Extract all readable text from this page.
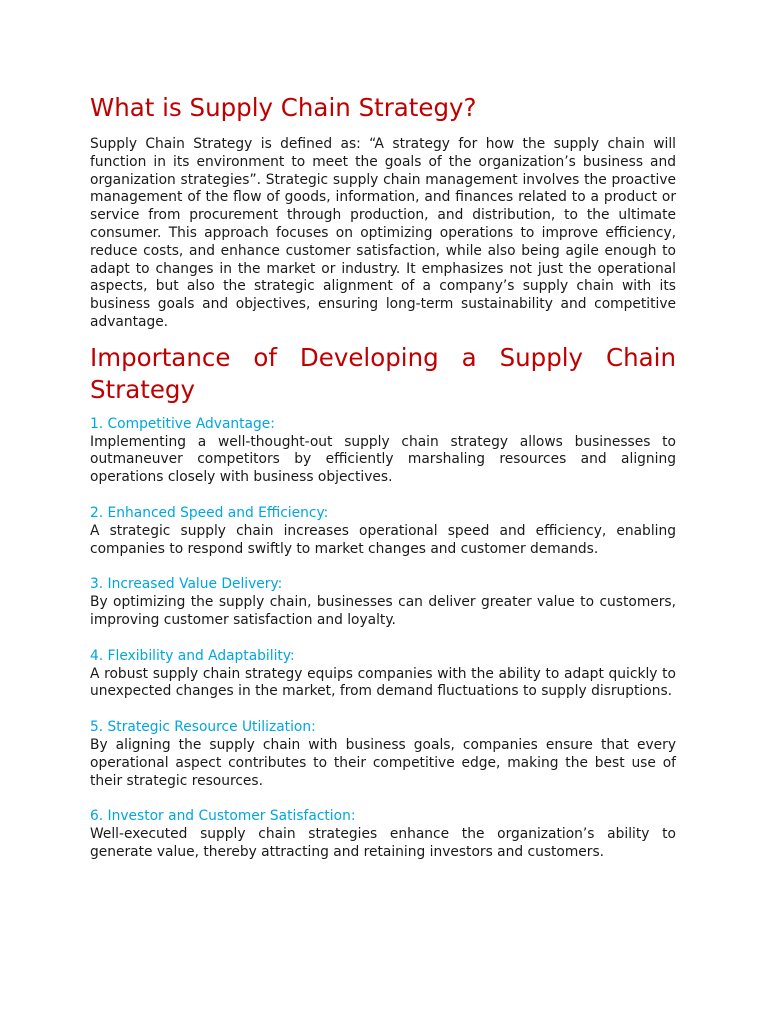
What is Supply Chain Strategy?

Supply Chain Strategy is defined as: “A strategy for how the supply chain will function in its environment to meet the goals of the organization’s business and organization strategies”. Strategic supply chain management involves the proactive management of the flow of goods, information, and finances related to a product or service from procurement through production, and distribution, to the ultimate consumer. This approach focuses on optimizing operations to improve efficiency, reduce costs, and enhance customer satisfaction, while also being agile enough to adapt to changes in the market or industry. It emphasizes not just the operational aspects, but also the strategic alignment of a company’s supply chain with its business goals and objectives, ensuring long-term sustainability and competitive advantage.

Importance of Developing a Supply Chain Strategy

1. Competitive Advantage:

Implementing a well-thought-out supply chain strategy allows businesses to outmaneuver competitors by efficiently marshaling resources and aligning operations closely with business objectives.

2. Enhanced Speed and Efficiency:

A strategic supply chain increases operational speed and efficiency, enabling companies to respond swiftly to market changes and customer demands.

3. Increased Value Delivery:

By optimizing the supply chain, businesses can deliver greater value to customers, improving customer satisfaction and loyalty.

4. Flexibility and Adaptability:

A robust supply chain strategy equips companies with the ability to adapt quickly to unexpected changes in the market, from demand fluctuations to supply disruptions.

5. Strategic Resource Utilization:

By aligning the supply chain with business goals, companies ensure that every operational aspect contributes to their competitive edge, making the best use of their strategic resources.

6. Investor and Customer Satisfaction:

Well-executed supply chain strategies enhance the organization’s ability to generate value, thereby attracting and retaining investors and customers.
